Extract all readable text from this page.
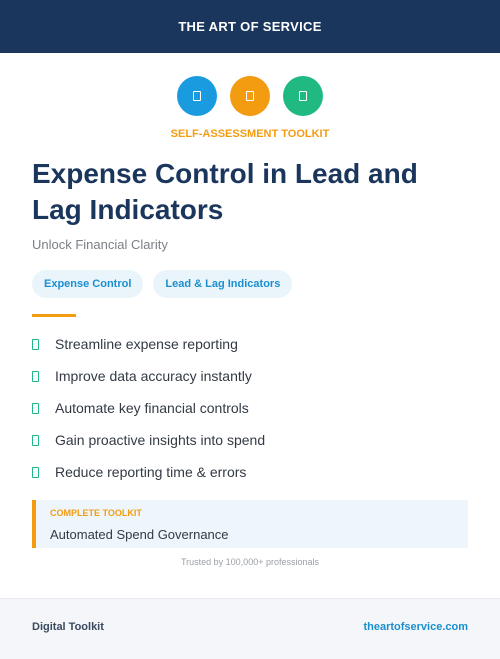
THE ART OF SERVICE
SELF-ASSESSMENT TOOLKIT
Expense Control in Lead and Lag Indicators
Unlock Financial Clarity
Expense Control	Lead & Lag Indicators
Streamline expense reporting
Improve data accuracy instantly
Automate key financial controls
Gain proactive insights into spend
Reduce reporting time & errors
COMPLETE TOOLKIT
Automated Spend Governance
Trusted by 100,000+ professionals
Digital Toolkit	theartofservice.com
